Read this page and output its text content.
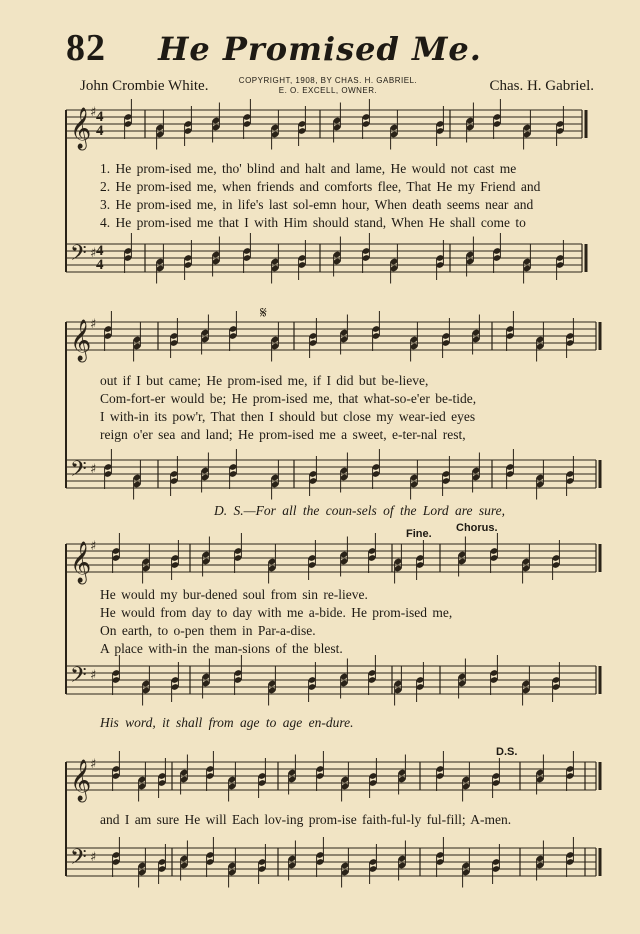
82	He Promised Me.
John Crombie White.	COPYRIGHT, 1908, BY CHAS. H. GABRIEL.
E. O. EXCELL, OWNER.	Chas. H. Gabriel.
𝄞
♯
𝄢 ♯
𝄞
♯
𝄢 ♯
𝄞
♯
𝄢 ♯
𝄞
♯
𝄢 ♯
4
4
4
4
𝄋
1. He prom-ised me, tho' blind and halt and lame, He would not cast me
2. He prom-ised me, when friends and comforts flee, That He my Friend and
3. He prom-ised me, in life's last sol-emn hour, When death seems near and
4. He prom-ised me that I with Him should stand, When He shall come to
out if I but came; He prom-ised me, if I did but be-lieve,
Com-fort-er would be; He prom-ised me, that what-so-e'er be-tide,
I with-in its pow'r, That then I should but close my wear-ied eyes
reign o'er sea and land; He prom-ised me a sweet, e-ter-nal rest,
D. S.—For all the coun-sels of the Lord are sure,
Fine. Chorus.
He would my bur-dened soul from sin re-lieve.
He would from day to day with me a-bide. He prom-ised me,
On earth, to o-pen them in Par-a-dise.
A place with-in the man-sions of the blest.
His word, it shall from age to age en-dure.
D.S.
and I am sure He will Each lov-ing prom-ise faith-ful-ly ful-fill; A-men.
